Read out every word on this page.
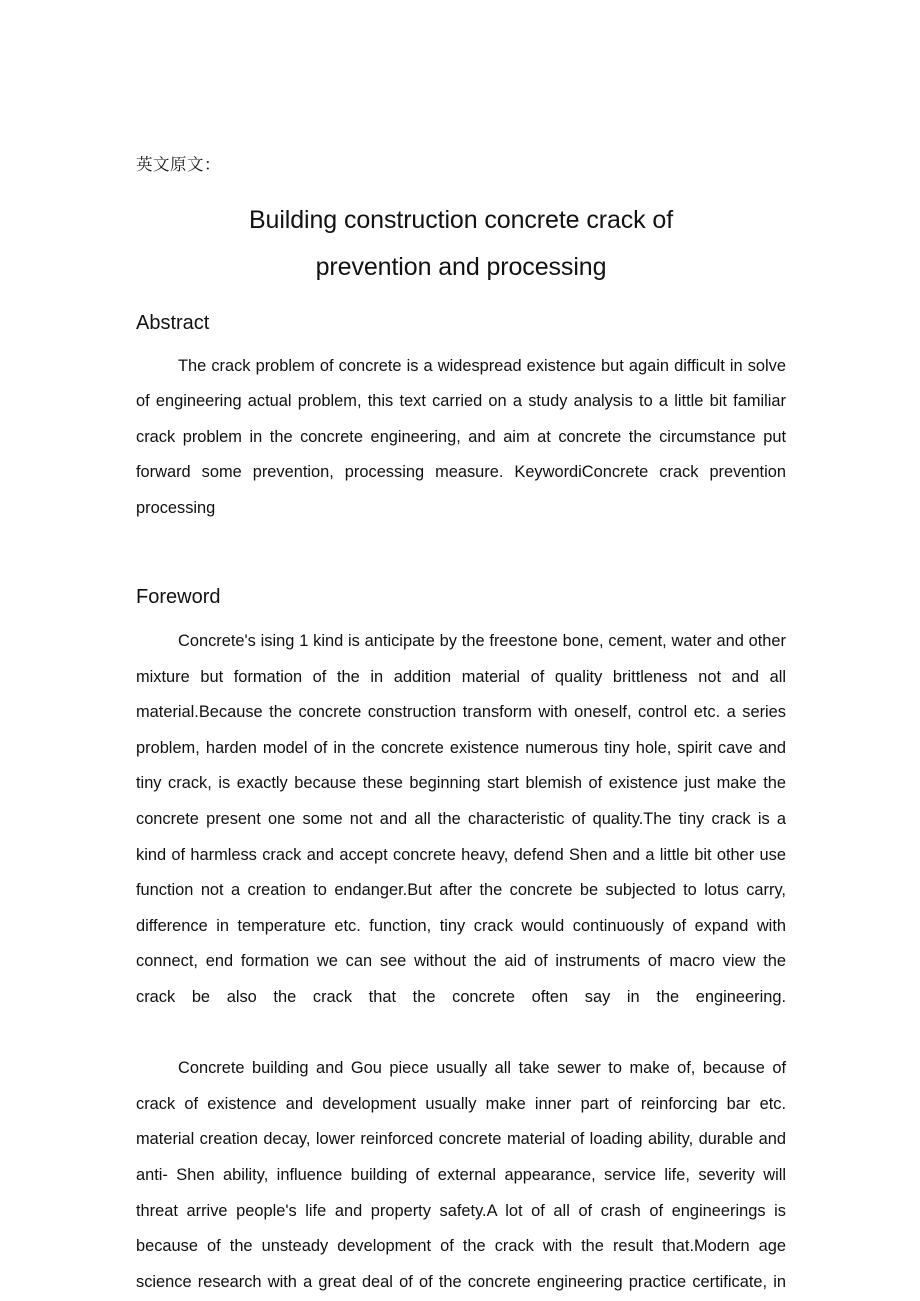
英文原文：

Building construction concrete crack of
prevention and processing
Abstract

The crack problem of concrete is a widespread existence but again difficult in solve of engineering actual problem, this text carried on a study analysis to a little bit familiar crack problem in the concrete engineering, and aim at concrete the circumstance put forward some prevention, processing measure. KeywordiConcrete crack prevention processing

Foreword

Concrete's ising 1 kind is anticipate by the freestone bone, cement, water and other mixture but formation of the in addition material of quality brittleness not and all material.Because the concrete construction transform with oneself, control etc. a series problem, harden model of in the concrete existence numerous tiny hole, spirit cave and tiny crack, is exactly because these beginning start blemish of existence just make the concrete present one some not and all the characteristic of quality.The tiny crack is a kind of harmless crack and accept concrete heavy, defend Shen and a little bit other use function not a creation to endanger.But after the concrete be subjected to lotus carry, difference in temperature etc. function, tiny crack would continuously of expand with connect, end formation we can see without the aid of instruments of macro view the crack be also the crack that the concrete often say in the engineering.

Concrete building and Gou piece usually all take sewer to make of, because of crack of existence and development usually make inner part of reinforcing bar etc. material creation decay, lower reinforced concrete material of loading ability, durable and anti- Shen ability, influence building of external appearance, service life, severity will threat arrive people's life and property safety.A lot of all of crash of engineerings is because of the unsteady development of the crack with the result that.Modern age science research with a great deal of of the concrete engineering practice certificate, in
